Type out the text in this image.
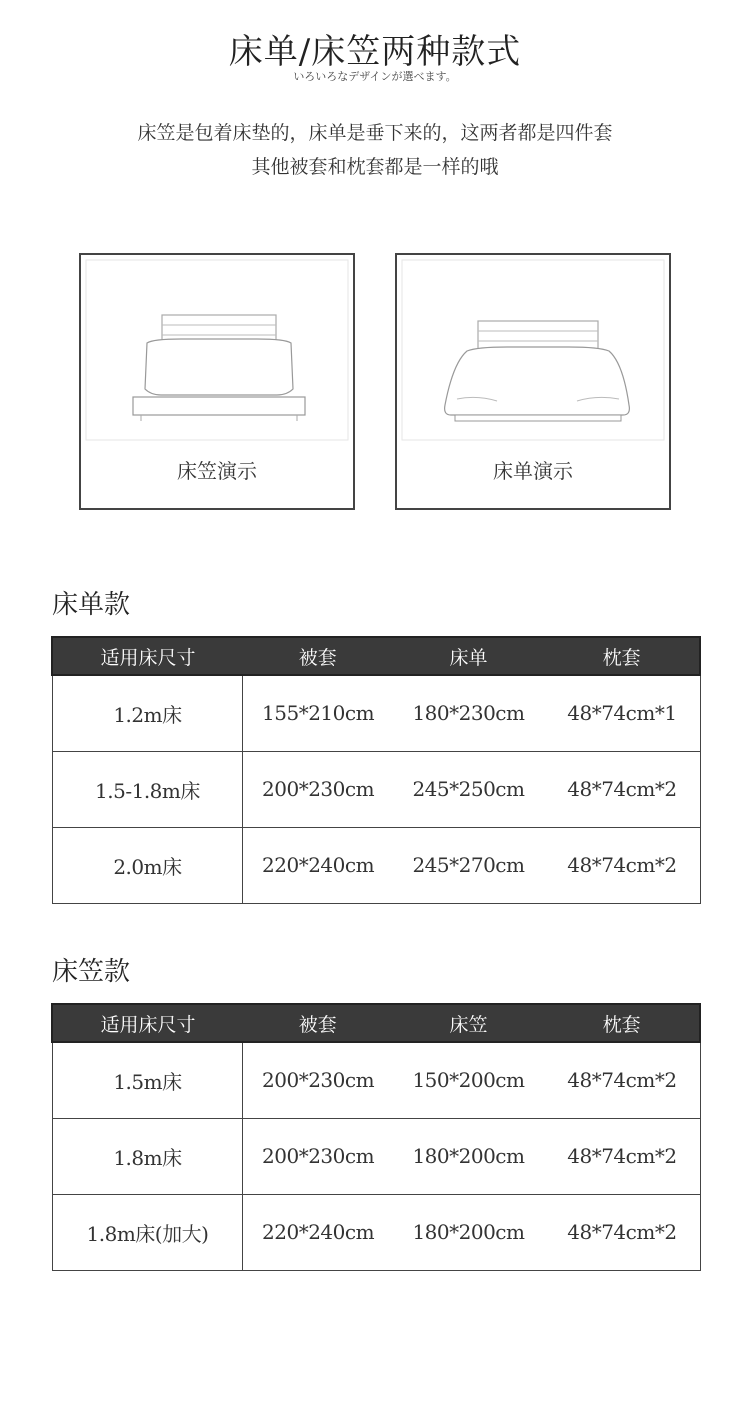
床单/床笠两种款式
いろいろなデザインが選べます。
床笠是包着床垫的，床单是垂下来的，这两者都是四件套
其他被套和枕套都是一样的哦
床笠演示	床单演示
床单款
适用床尺寸	被套	床单	枕套
1.2m床	155*210cm	180*230cm	48*74cm*1
1.5-1.8m床	200*230cm	245*250cm	48*74cm*2
2.0m床	220*240cm	245*270cm	48*74cm*2
床笠款
适用床尺寸	被套	床笠	枕套
1.5m床	200*230cm	150*200cm	48*74cm*2
1.8m床	200*230cm	180*200cm	48*74cm*2
1.8m床(加大)	220*240cm	180*200cm	48*74cm*2
